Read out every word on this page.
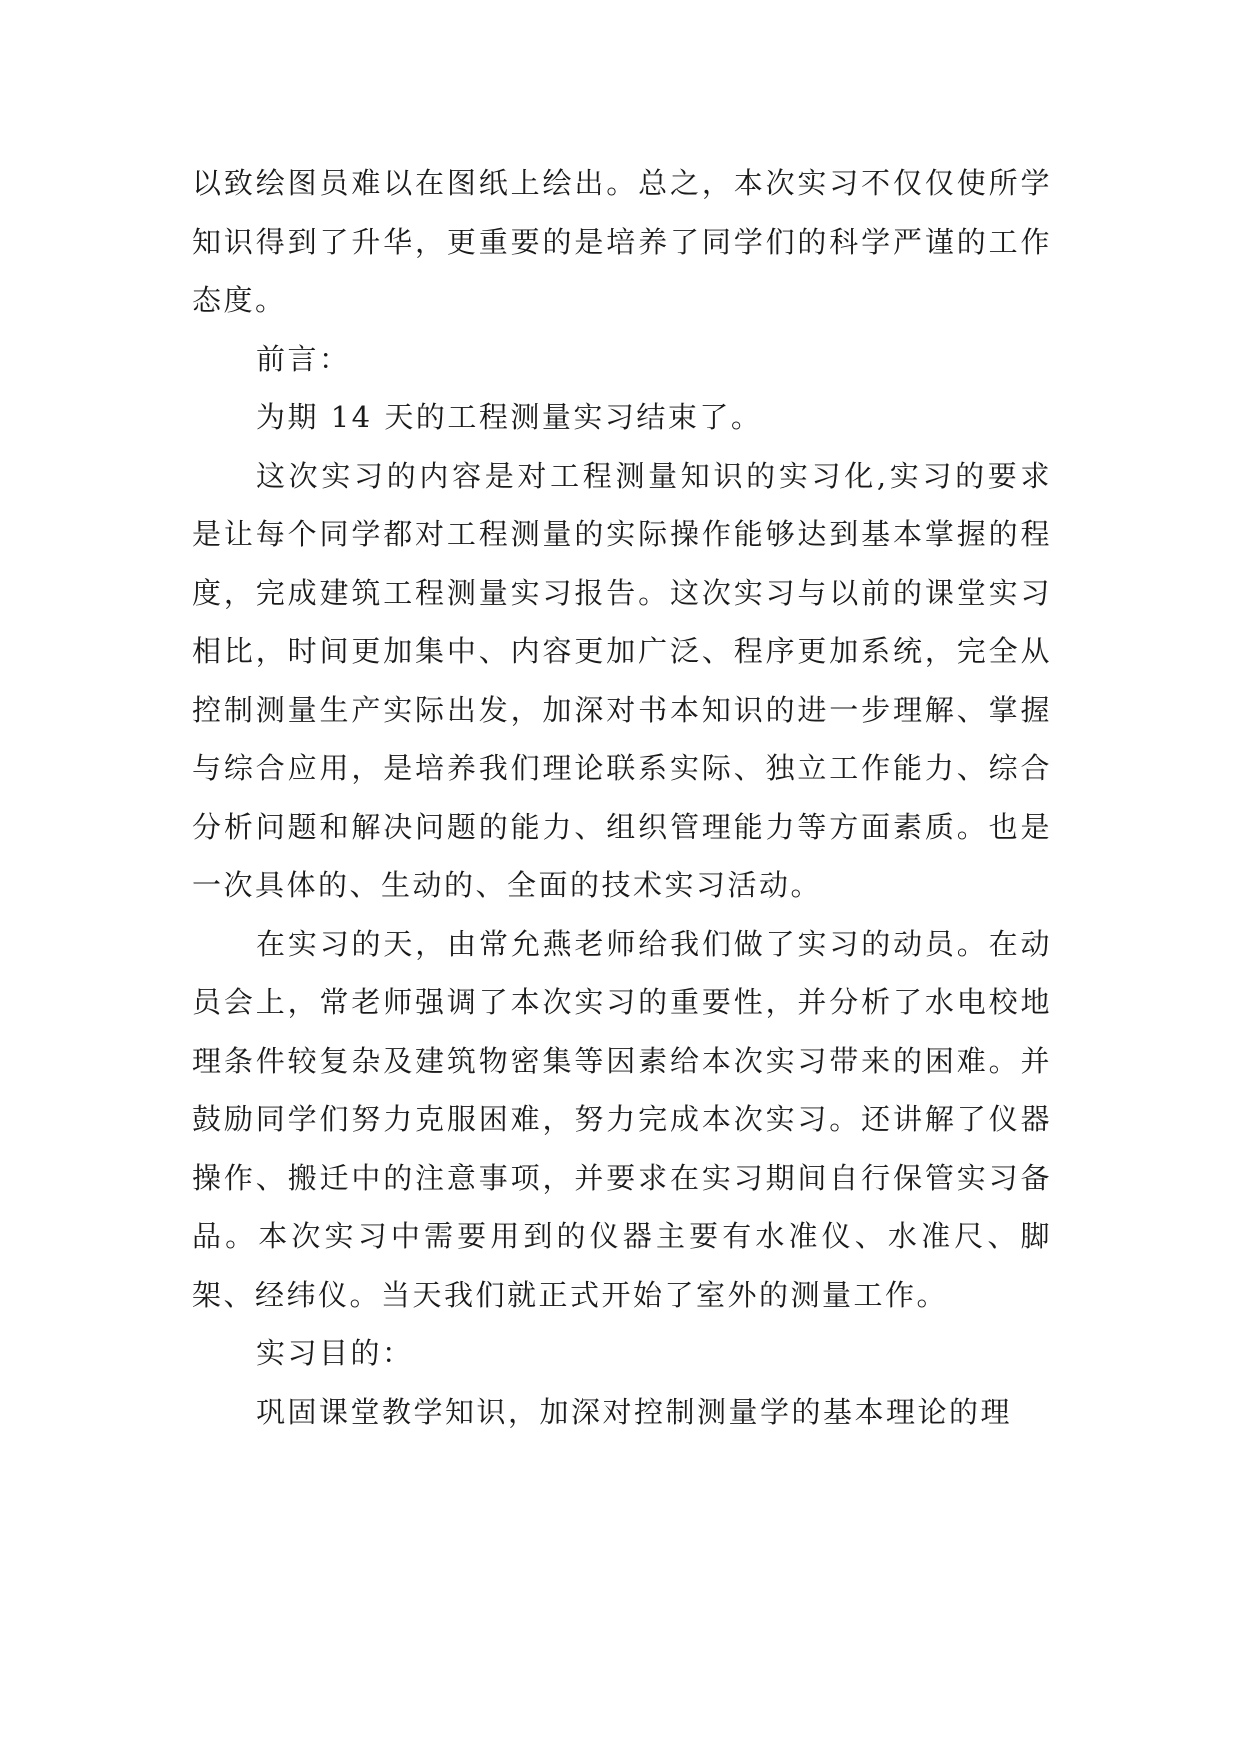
以致绘图员难以在图纸上绘出。总之，本次实习不仅仅使所学知识得到了升华，更重要的是培养了同学们的科学严谨的工作态度。

前言：

为期 14 天的工程测量实习结束了。

这次实习的内容是对工程测量知识的实习化,实习的要求是让每个同学都对工程测量的实际操作能够达到基本掌握的程度，完成建筑工程测量实习报告。这次实习与以前的课堂实习相比，时间更加集中、内容更加广泛、程序更加系统，完全从控制测量生产实际出发，加深对书本知识的进一步理解、掌握与综合应用，是培养我们理论联系实际、独立工作能力、综合分析问题和解决问题的能力、组织管理能力等方面素质。也是一次具体的、生动的、全面的技术实习活动。

在实习的天，由常允燕老师给我们做了实习的动员。在动员会上，常老师强调了本次实习的重要性，并分析了水电校地理条件较复杂及建筑物密集等因素给本次实习带来的困难。并鼓励同学们努力克服困难，努力完成本次实习。还讲解了仪器操作、搬迁中的注意事项，并要求在实习期间自行保管实习备品。本次实习中需要用到的仪器主要有水准仪、水准尺、脚架、经纬仪。当天我们就正式开始了室外的测量工作。

实习目的：

巩固课堂教学知识，加深对控制测量学的基本理论的理
